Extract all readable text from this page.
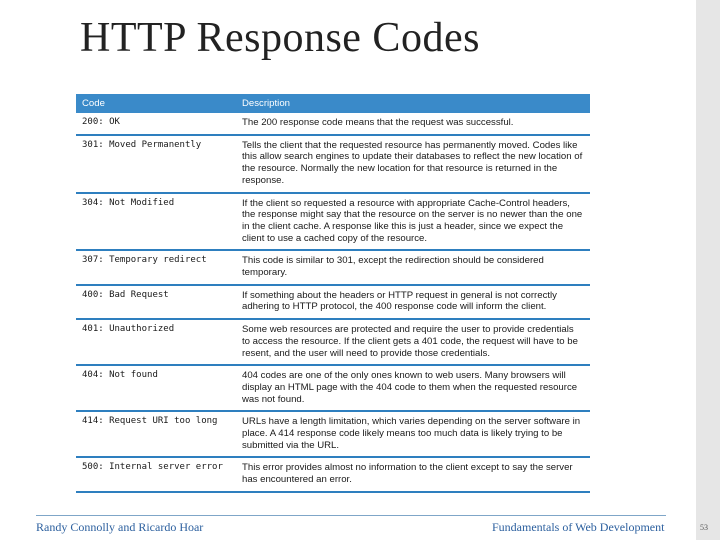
HTTP Response Codes
Code	Description
200: OK	The 200 response code means that the request was successful.
301: Moved Permanently	Tells the client that the requested resource has permanently moved. Codes like this allow search engines to update their databases to reflect the new location of the resource. Normally the new location for that resource is returned in the response.
304: Not Modified	If the client so requested a resource with appropriate Cache-Control headers, the response might say that the resource on the server is no newer than the one in the client cache. A response like this is just a header, since we expect the client to use a cached copy of the resource.
307: Temporary redirect	This code is similar to 301, except the redirection should be considered temporary.
400: Bad Request	If something about the headers or HTTP request in general is not correctly adhering to HTTP protocol, the 400 response code will inform the client.
401: Unauthorized	Some web resources are protected and require the user to provide credentials to access the resource. If the client gets a 401 code, the request will have to be resent, and the user will need to provide those credentials.
404: Not found	404 codes are one of the only ones known to web users. Many browsers will display an HTML page with the 404 code to them when the requested resource was not found.
414: Request URI too long	URLs have a length limitation, which varies depending on the server software in place. A 414 response code likely means too much data is likely trying to be submitted via the URL.
500: Internal server error	This error provides almost no information to the client except to say the server has encountered an error.
Randy Connolly and Ricardo Hoar	Fundamentals of Web Development	53
